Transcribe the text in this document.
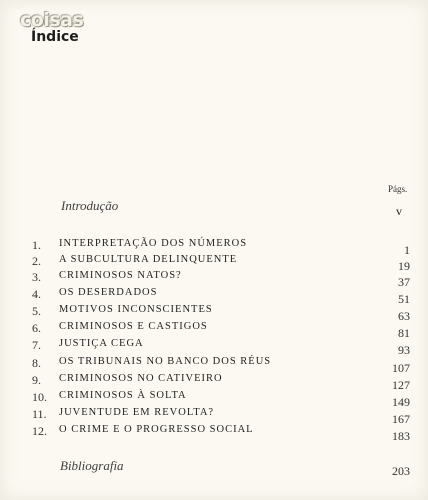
coisas
Índice
Págs.
Introdução	v
1.	INTERPRETAÇÃO DOS NÚMEROS	1
2.	A SUBCULTURA DELINQUENTE	19
3.	CRIMINOSOS NATOS?	37
4.	OS DESERDADOS	51
5.	MOTIVOS INCONSCIENTES	63
6.	CRIMINOSOS E CASTIGOS	81
7.	JUSTIÇA CEGA	93
8.	OS TRIBUNAIS NO BANCO DOS RÉUS	107
9.	CRIMINOSOS NO CATIVEIRO	127
10.	CRIMINOSOS À SOLTA	149
11.	JUVENTUDE EM REVOLTA?	167
12.	O CRIME E O PROGRESSO SOCIAL	183
Bibliografia	203
